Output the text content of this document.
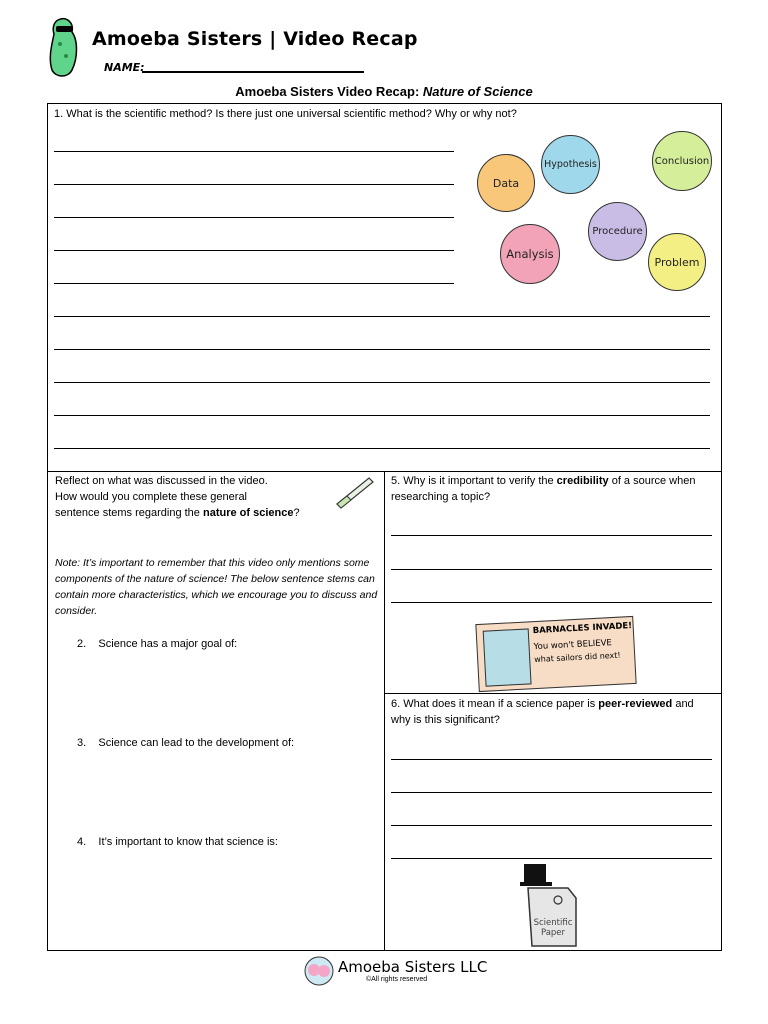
Amoeba Sisters | Video Recap
NAME:
Amoeba Sisters Video Recap: Nature of Science
1. What is the scientific method? Is there just one universal scientific method? Why or why not?
Data
Hypothesis	Conclusion
Procedure
Analysis
Problem
Reflect on what was discussed in the video.
How would you complete these general
sentence stems regarding the nature of science?
Note: It’s important to remember that this video only mentions some components of the nature of science! The below sentence stems can contain more characteristics, which we encourage you to discuss and consider.
2. Science has a major goal of:
3. Science can lead to the development of:
4. It’s important to know that science is:
5. Why is it important to verify the credibility of a source when researching a topic?
BARNACLES INVADE!
You won't BELIEVE
what sailors did next!
6. What does it mean if a science paper is peer-reviewed and why is this significant?
Scientific Paper
Amoeba Sisters LLC
©All rights reserved
